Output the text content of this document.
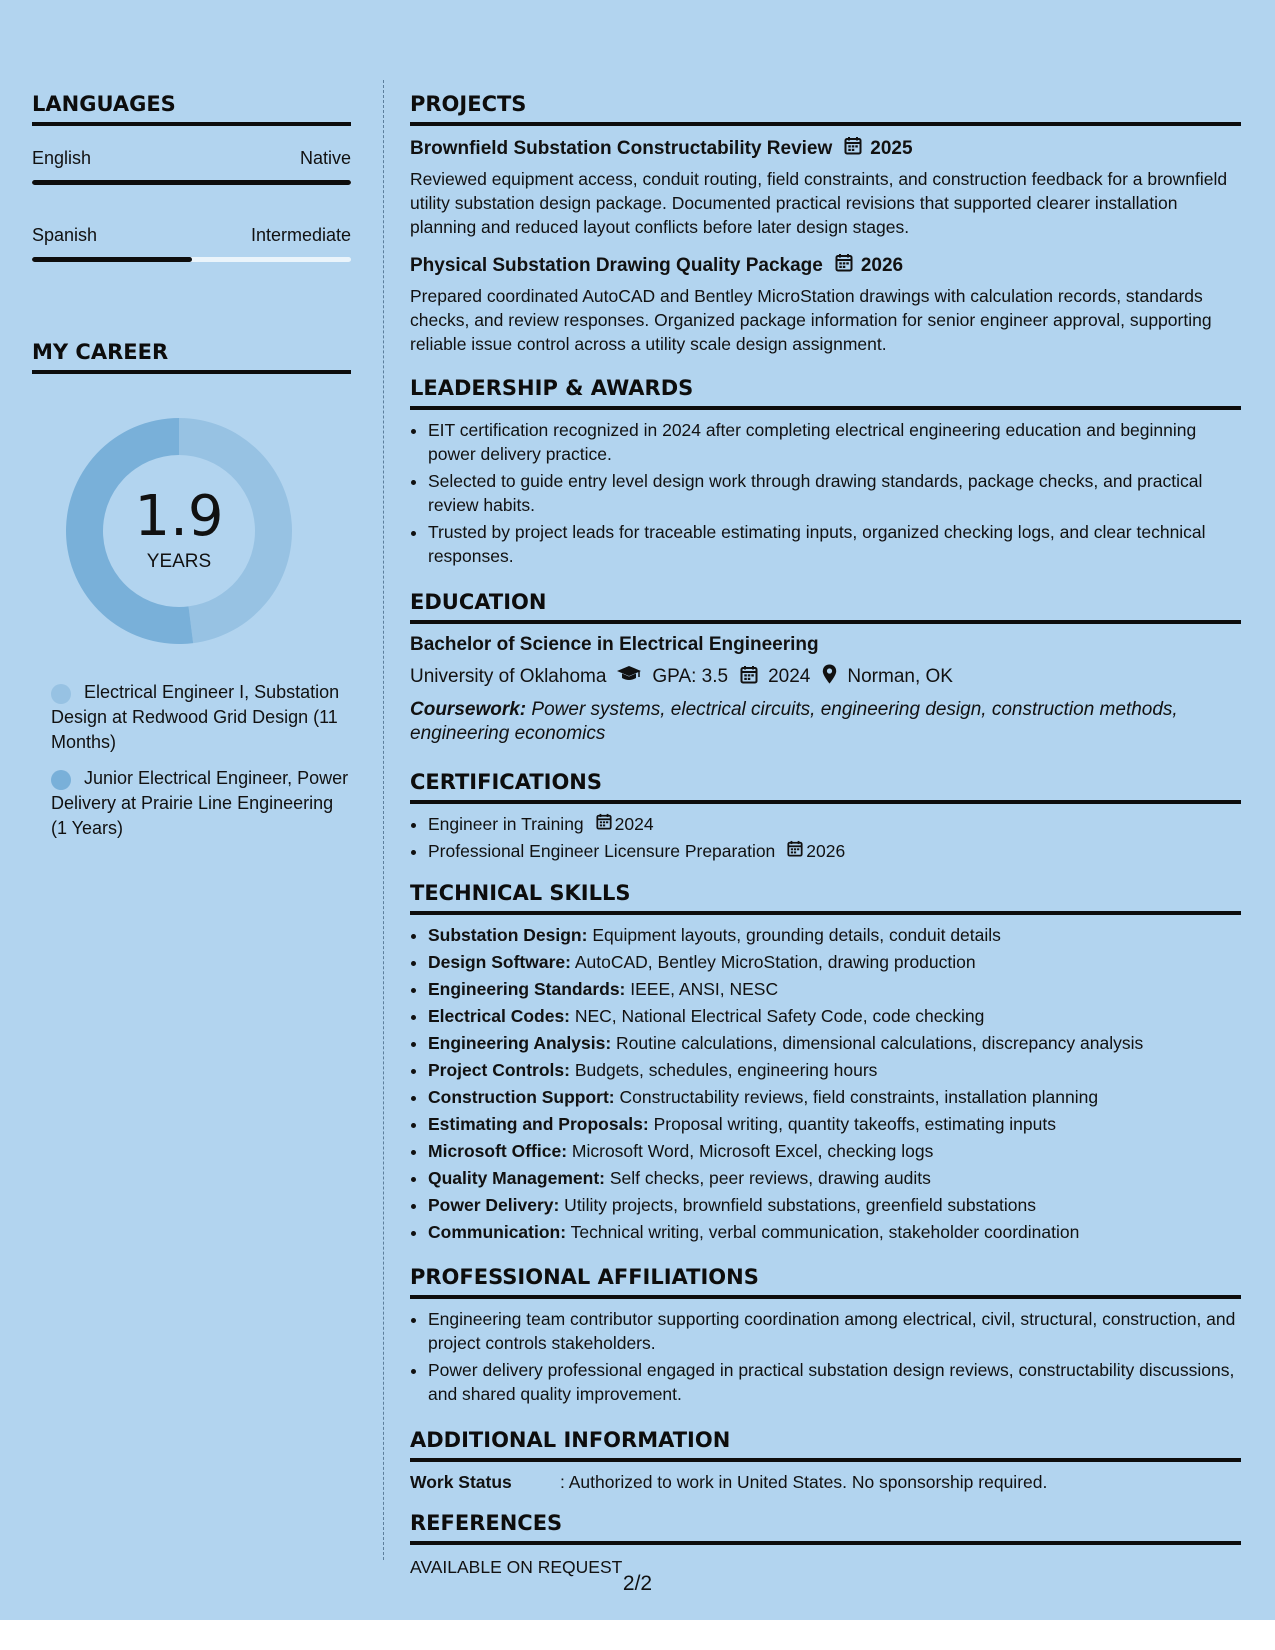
LANGUAGES
English	Native
Spanish	Intermediate
MY CAREER
1.9
YEARS
Electrical Engineer I, Substation Design at Redwood Grid Design (11 Months)
Junior Electrical Engineer, Power Delivery at Prairie Line Engineering (1 Years)
PROJECTS
Brownfield Substation Constructability Review 2025
Reviewed equipment access, conduit routing, field constraints, and construction feedback for a brownfield utility substation design package. Documented practical revisions that supported clearer installation planning and reduced layout conflicts before later design stages.
Physical Substation Drawing Quality Package 2026
Prepared coordinated AutoCAD and Bentley MicroStation drawings with calculation records, standards checks, and review responses. Organized package information for senior engineer approval, supporting reliable issue control across a utility scale design assignment.
LEADERSHIP & AWARDS
• EIT certification recognized in 2024 after completing electrical engineering education and beginning power delivery practice.
• Selected to guide entry level design work through drawing standards, package checks, and practical review habits.
• Trusted by project leads for traceable estimating inputs, organized checking logs, and clear technical responses.
EDUCATION
Bachelor of Science in Electrical Engineering
University of Oklahoma GPA: 3.5 2024 Norman, OK
Coursework: Power systems, electrical circuits, engineering design, construction methods, engineering economics
CERTIFICATIONS
• Engineer in Training 2024
• Professional Engineer Licensure Preparation 2026
TECHNICAL SKILLS
• Substation Design: Equipment layouts, grounding details, conduit details
• Design Software: AutoCAD, Bentley MicroStation, drawing production
• Engineering Standards: IEEE, ANSI, NESC
• Electrical Codes: NEC, National Electrical Safety Code, code checking
• Engineering Analysis: Routine calculations, dimensional calculations, discrepancy analysis
• Project Controls: Budgets, schedules, engineering hours
• Construction Support: Constructability reviews, field constraints, installation planning
• Estimating and Proposals: Proposal writing, quantity takeoffs, estimating inputs
• Microsoft Office: Microsoft Word, Microsoft Excel, checking logs
• Quality Management: Self checks, peer reviews, drawing audits
• Power Delivery: Utility projects, brownfield substations, greenfield substations
• Communication: Technical writing, verbal communication, stakeholder coordination
PROFESSIONAL AFFILIATIONS
• Engineering team contributor supporting coordination among electrical, civil, structural, construction, and project controls stakeholders.
• Power delivery professional engaged in practical substation design reviews, constructability discussions, and shared quality improvement.
ADDITIONAL INFORMATION
Work Status	: Authorized to work in United States. No sponsorship required.
REFERENCES
AVAILABLE ON REQUEST
2/2
